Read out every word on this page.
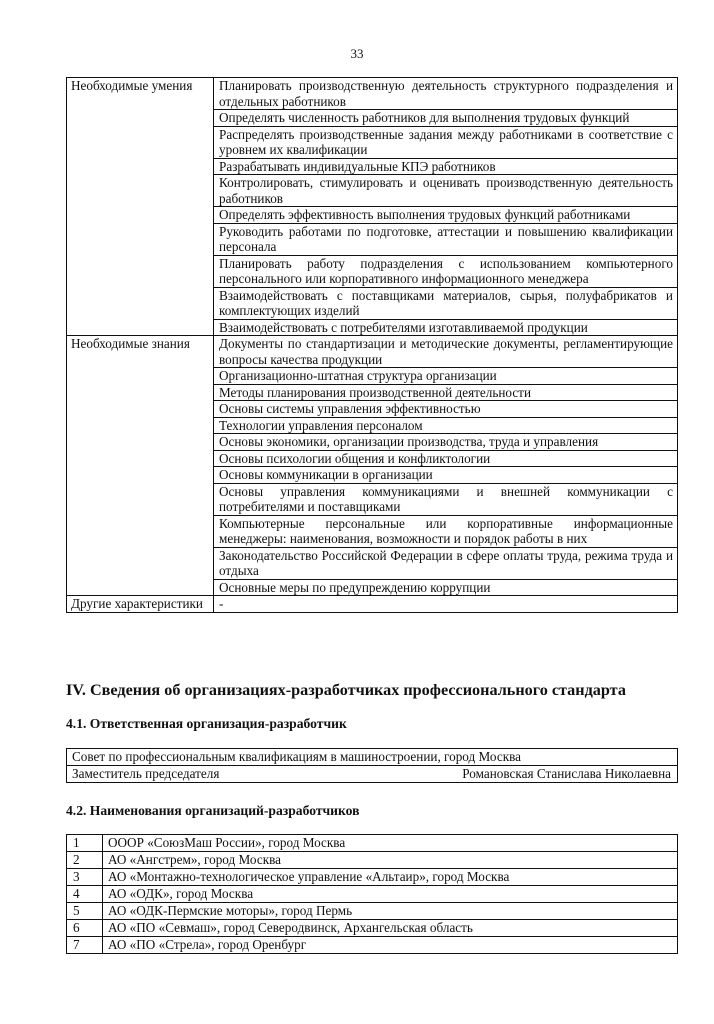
33
Необходимые умения	Планировать производственную деятельность структурного подразделения и отдельных работников
	Определять численность работников для выполнения трудовых функций
	Распределять производственные задания между работниками в соответствие с уровнем их квалификации
	Разрабатывать индивидуальные КПЭ работников
	Контролировать, стимулировать и оценивать производственную деятельность работников
	Определять эффективность выполнения трудовых функций работниками
	Руководить работами по подготовке, аттестации и повышению квалификации персонала
	Планировать работу подразделения с использованием компьютерного персонального или корпоративного информационного менеджера
	Взаимодействовать с поставщиками материалов, сырья, полуфабрикатов и комплектующих изделий
	Взаимодействовать с потребителями изготавливаемой продукции
Необходимые знания	Документы по стандартизации и методические документы, регламентирующие вопросы качества продукции
	Организационно-штатная структура организации
	Методы планирования производственной деятельности
	Основы системы управления эффективностью
	Технологии управления персоналом
	Основы экономики, организации производства, труда и управления
	Основы психологии общения и конфликтологии
	Основы коммуникации в организации
	Основы управления коммуникациями и внешней коммуникации с потребителями и поставщиками
	Компьютерные персональные или корпоративные информационные менеджеры: наименования, возможности и порядок работы в них
	Законодательство Российской Федерации в сфере оплаты труда, режима труда и отдыха
	Основные меры по предупреждению коррупции
Другие характеристики	-
IV. Сведения об организациях-разработчиках профессионального стандарта
4.1. Ответственная организация-разработчик
Совет по профессиональным квалификациям в машиностроении, город Москва

Заместитель председателя	Романовская Станислава Николаевна
4.2. Наименования организаций-разработчиков
1	ОООР «СоюзМаш России», город Москва
2	АО «Ангстрем», город Москва
3	АО «Монтажно-технологическое управление «Альтаир», город Москва
4	АО «ОДК», город Москва
5	АО «ОДК-Пермские моторы», город Пермь
6	АО «ПО «Севмаш», город Северодвинск, Архангельская область
7	АО «ПО «Стрела», город Оренбург
